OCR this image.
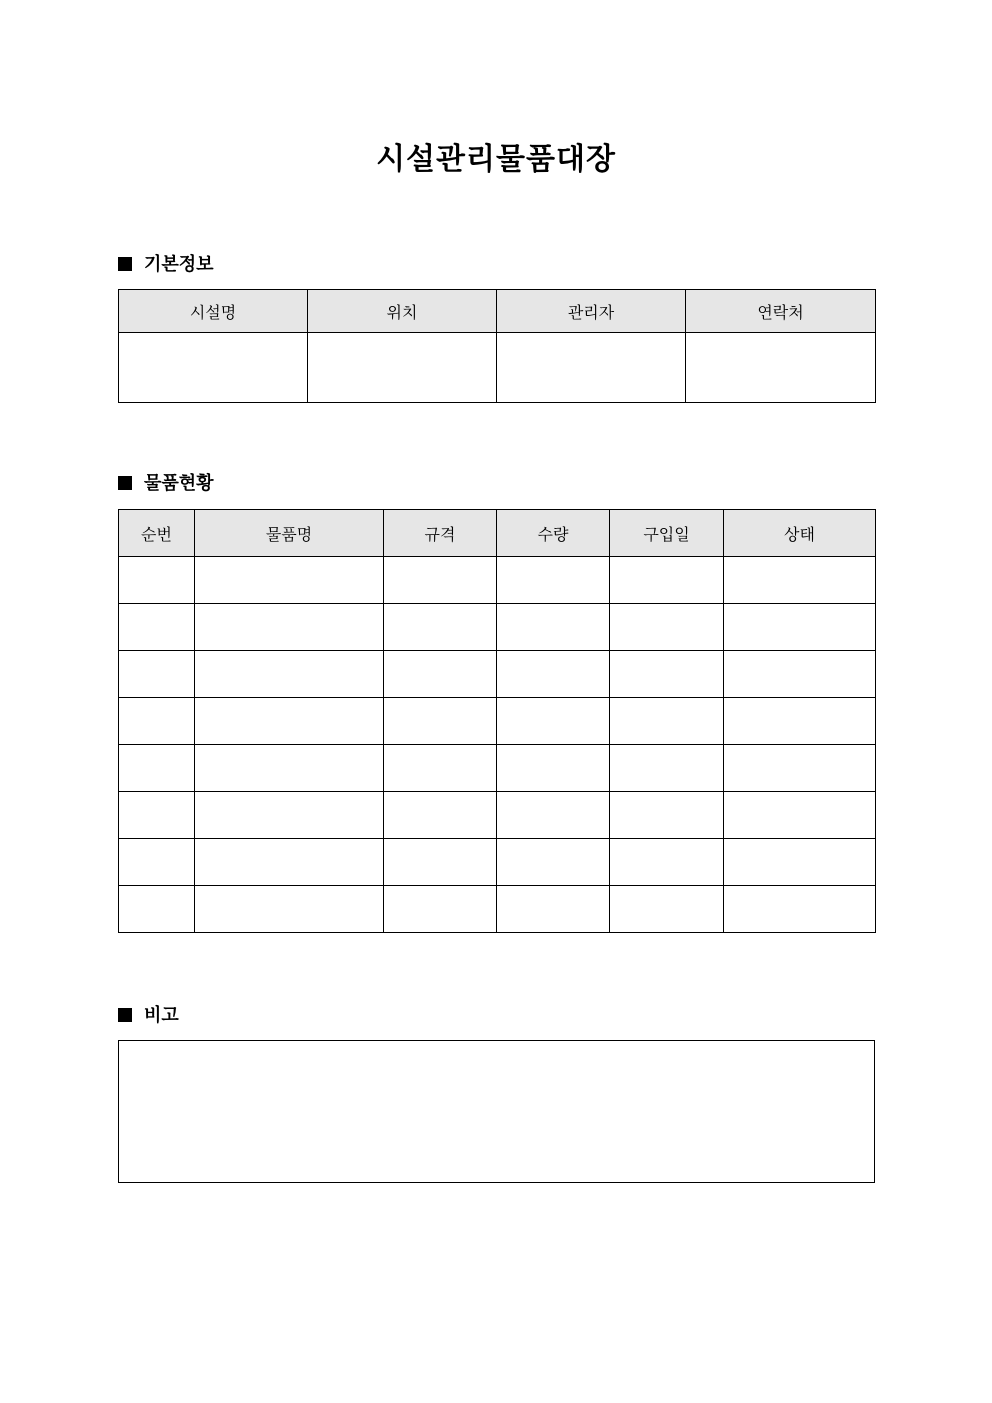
시설관리물품대장
기본정보
시설명	위치	관리자	연락처

물품현황
순번	물품명	규격	수량	구입일	상태

비고
